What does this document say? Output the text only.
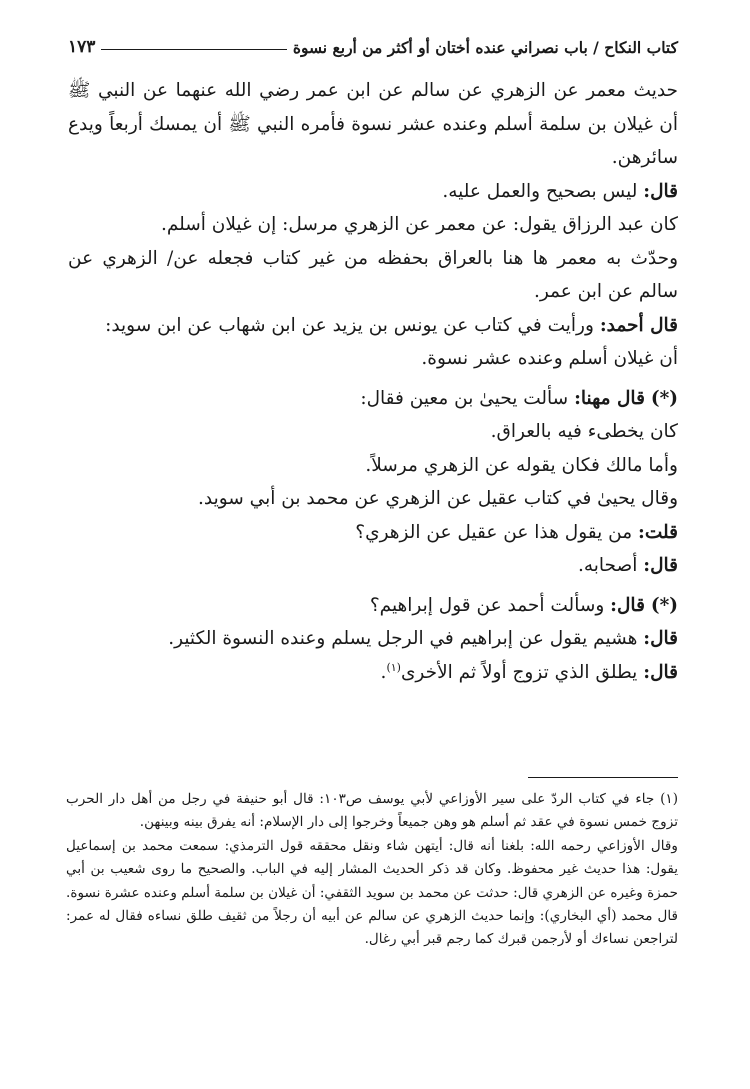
كتاب النكاح / باب نصراني عنده أختان أو أكثر من أربع نسوة
١٧٣

حديث معمر عن الزهري عن سالم عن ابن عمر رضي الله عنهما عن النبي ﷺ أن غيلان بن سلمة أسلم وعنده عشر نسوة فأمره النبي ﷺ أن يمسك أربعاً ويدع سائرهن.

قال: ليس بصحيح والعمل عليه.

كان عبد الرزاق يقول: عن معمر عن الزهري مرسل: إن غيلان أسلم.

وحدّث به معمر ها هنا بالعراق بحفظه من غير كتاب فجعله عن/ الزهري عن سالم عن ابن عمر.

قال أحمد: ورأيت في كتاب عن يونس بن يزيد عن ابن شهاب عن ابن سويد:

أن غيلان أسلم وعنده عشر نسوة.

(*) قال مهنا: سألت يحيىٰ بن معين فقال:

كان يخطىء فيه بالعراق.

وأما مالك فكان يقوله عن الزهري مرسلاً.

وقال يحيىٰ في كتاب عقيل عن الزهري عن محمد بن أبي سويد.

قلت: من يقول هذا عن عقيل عن الزهري؟

قال: أصحابه.

(*) قال: وسألت أحمد عن قول إبراهيم؟

قال: هشيم يقول عن إبراهيم في الرجل يسلم وعنده النسوة الكثير.

قال: يطلق الذي تزوج أولاً ثم الأخرى$^{(١)}$.

(١) جاء في كتاب الردّ على سير الأوزاعي لأبي يوسف ص١٠٣: قال أبو حنيفة في رجل من أهل دار الحرب تزوج خمس نسوة في عقد ثم أسلم هو وهن جميعاً وخرجوا إلى دار الإسلام: أنه يفرق بينه وبينهن.

وقال الأوزاعي رحمه الله: بلغنا أنه قال: أيتهن شاء ونقل محققه قول الترمذي: سمعت محمد بن إسماعيل يقول: هذا حديث غير محفوظ. وكان قد ذكر الحديث المشار إليه في الباب. والصحيح ما روى شعيب بن أبي حمزة وغيره عن الزهري قال: حدثت عن محمد بن سويد الثقفي: أن غيلان بن سلمة أسلم وعنده عشرة نسوة. قال محمد (أي البخاري): وإنما حديث الزهري عن سالم عن أبيه أن رجلاً من ثقيف طلق نساءه فقال له عمر: لتراجعن نساءك أو لأرجمن قبرك كما رجم قبر أبي رغال.
